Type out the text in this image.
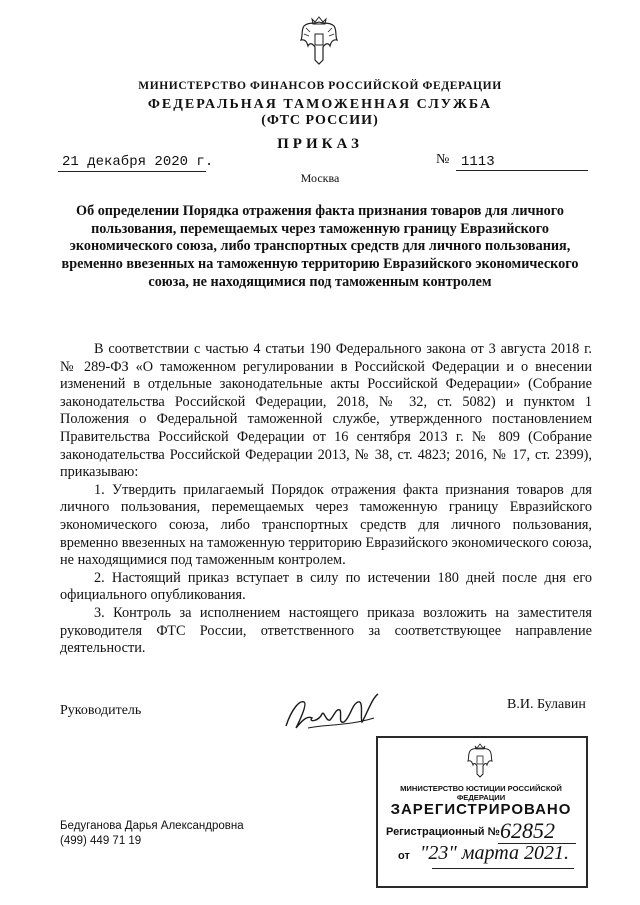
МИНИСТЕРСТВО ФИНАНСОВ РОССИЙСКОЙ ФЕДЕРАЦИИ
ФЕДЕРАЛЬНАЯ ТАМОЖЕННАЯ СЛУЖБА
(ФТС РОССИИ)
ПРИКАЗ
21 декабря 2020 г.	№ 1113
Москва
Об определении Порядка отражения факта признания товаров для личного пользования, перемещаемых через таможенную границу Евразийского экономического союза, либо транспортных средств для личного пользования, временно ввезенных на таможенную территорию Евразийского экономического союза, не находящимися под таможенным контролем

В соответствии с частью 4 статьи 190 Федерального закона от 3 августа 2018 г. № 289-ФЗ «О таможенном регулировании в Российской Федерации и о внесении изменений в отдельные законодательные акты Российской Федерации» (Собрание законодательства Российской Федерации, 2018, № 32, ст. 5082) и пунктом 1 Положения о Федеральной таможенной службе, утвержденного постановлением Правительства Российской Федерации от 16 сентября 2013 г. № 809 (Собрание законодательства Российской Федерации 2013, № 38, ст. 4823; 2016, № 17, ст. 2399), приказываю:

1. Утвердить прилагаемый Порядок отражения факта признания товаров для личного пользования, перемещаемых через таможенную границу Евразийского экономического союза, либо транспортных средств для личного пользования, временно ввезенных на таможенную территорию Евразийского экономического союза, не находящимися под таможенным контролем.

2. Настоящий приказ вступает в силу по истечении 180 дней после дня его официального опубликования.

3. Контроль за исполнением настоящего приказа возложить на заместителя руководителя ФТС России, ответственного за соответствующее направление деятельности.

Руководитель	В.И. Булавин
МИНИСТЕРСТВО ЮСТИЦИИ РОССИЙСКОЙ ФЕДЕРАЦИИ
ЗАРЕГИСТРИРОВАНО
Регистрационный № 62852
от "23" марта 2021.
Бедуганова Дарья Александровна
(499) 449 71 19
